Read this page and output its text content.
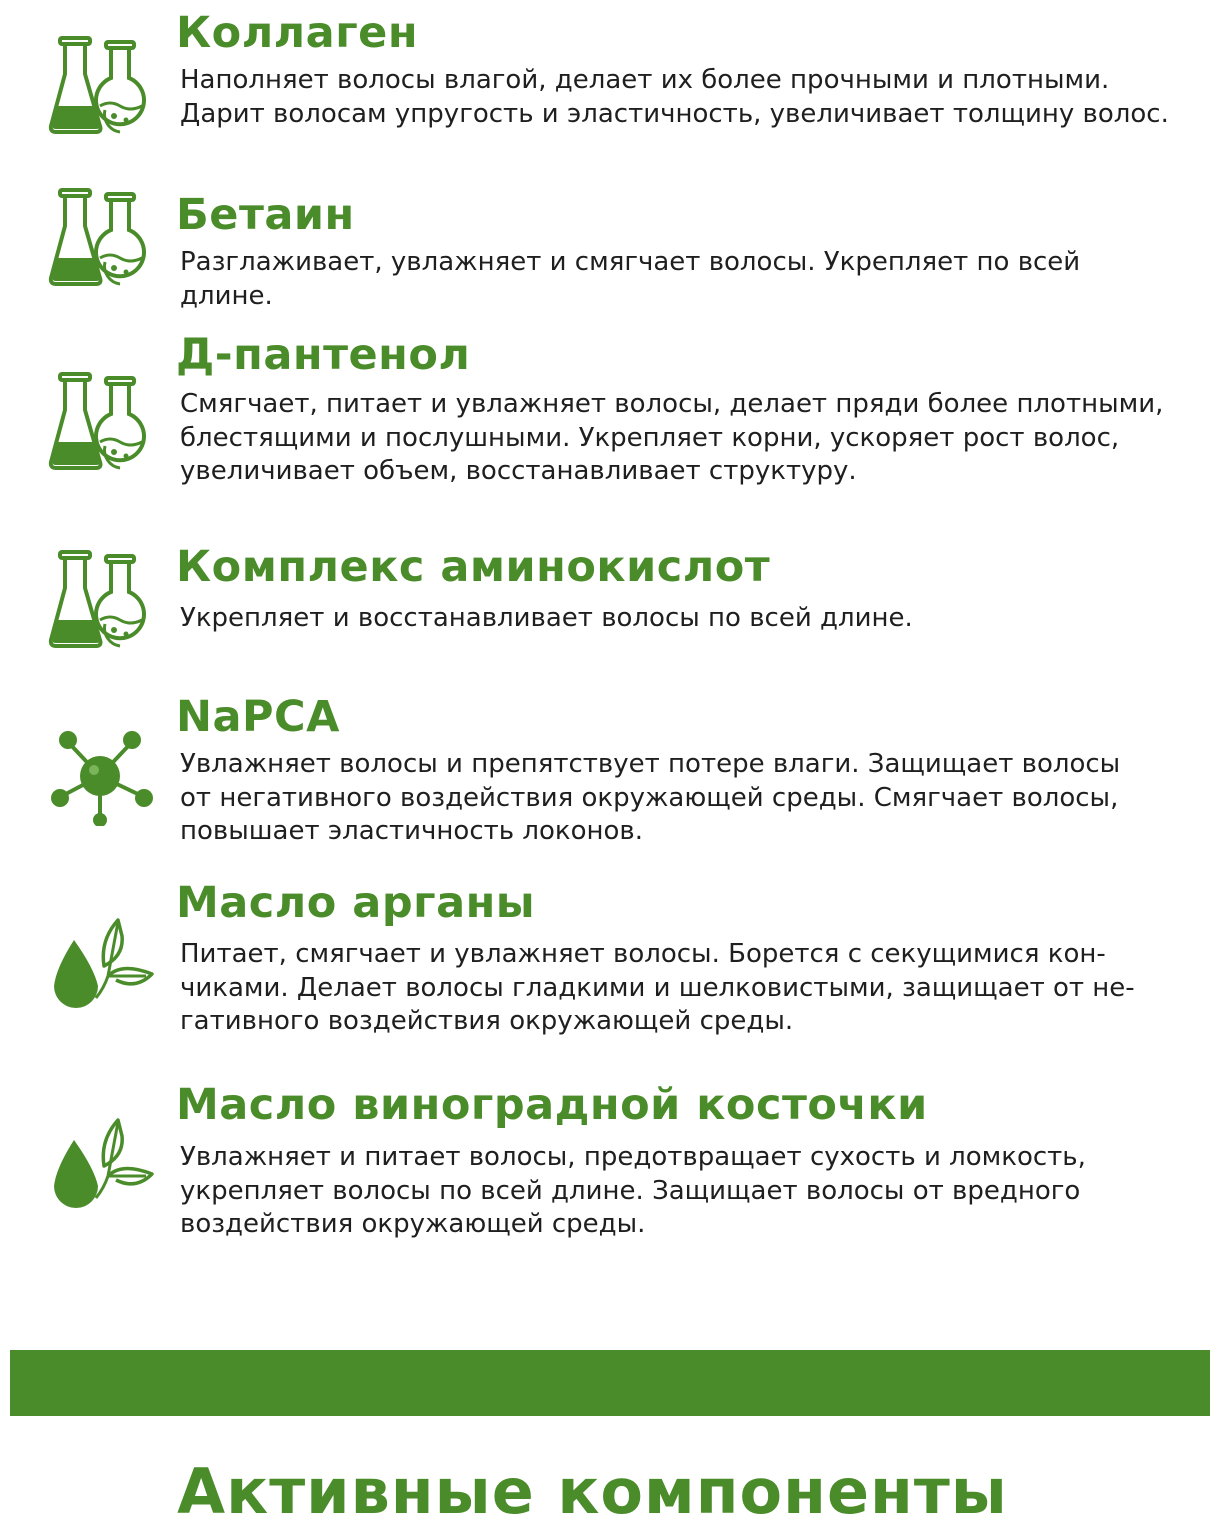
Коллаген
Наполняет волосы влагой, делает их более прочными и плотными.
Дарит волосам упругость и эластичность, увеличивает толщину волос.
Бетаин
Разглаживает, увлажняет и смягчает волосы. Укрепляет по всей длине.
Д-пантенол
Смягчает, питает и увлажняет волосы, делает пряди более плотными,
блестящими и послушными. Укрепляет корни, ускоряет рост волос,
увеличивает объем, восстанавливает структуру.
Комплекс аминокислот
Укрепляет и восстанавливает волосы по всей длине.
NaPCA
Увлажняет волосы и препятствует потере влаги. Защищает волосы
от негативного воздействия окружающей среды. Смягчает волосы,
повышает эластичность локонов.
Масло арганы
Питает, смягчает и увлажняет волосы. Борется с секущимися кон-
чиками. Делает волосы гладкими и шелковистыми, защищает от не-
гативного воздействия окружающей среды.
Масло виноградной косточки
Увлажняет и питает волосы, предотвращает сухость и ломкость,
укрепляет волосы по всей длине. Защищает волосы от вредного
воздействия окружающей среды.
Активные компоненты
